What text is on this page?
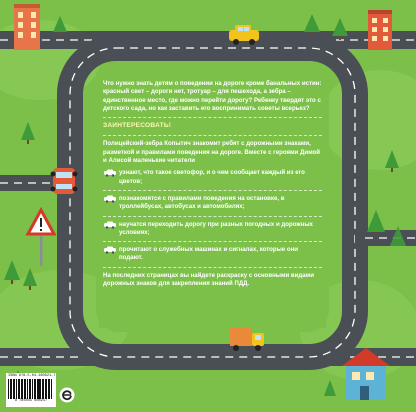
Что нужно знать детям о поведении на дороге кроме банальных истин: красный свет – дороги нет, тротуар – для пешехода, а зебра – единственное место, где можно перейти дорогу? Ребенку твердят это с детского сада, но как заставить его воспринимать советы всерьез?

ЗАИНТЕРЕСОВАТЬ!

Полицейский-зебра Копытич знакомит ребят с дорожными знаками, разметкой и правилами поведения на дороге. Вместе с героями Димой и Алисой маленькие читатели

узнают, что такое светофор, и о чем сообщает каждый из его цветов;
познакомятся с правилами поведения на остановке, в троллейбусах, автобусах и автомобилях;
научатся переходить дорогу при разных погодных и дорожных условиях;
прочитают о служебных машинах и сигналах, которые они подают.

На последних страницах вы найдете раскраску с основными видами дорожных знаков для закрепления знаний ПДД.

ISBN 978-5-04-160821-7
9 785041 608217
